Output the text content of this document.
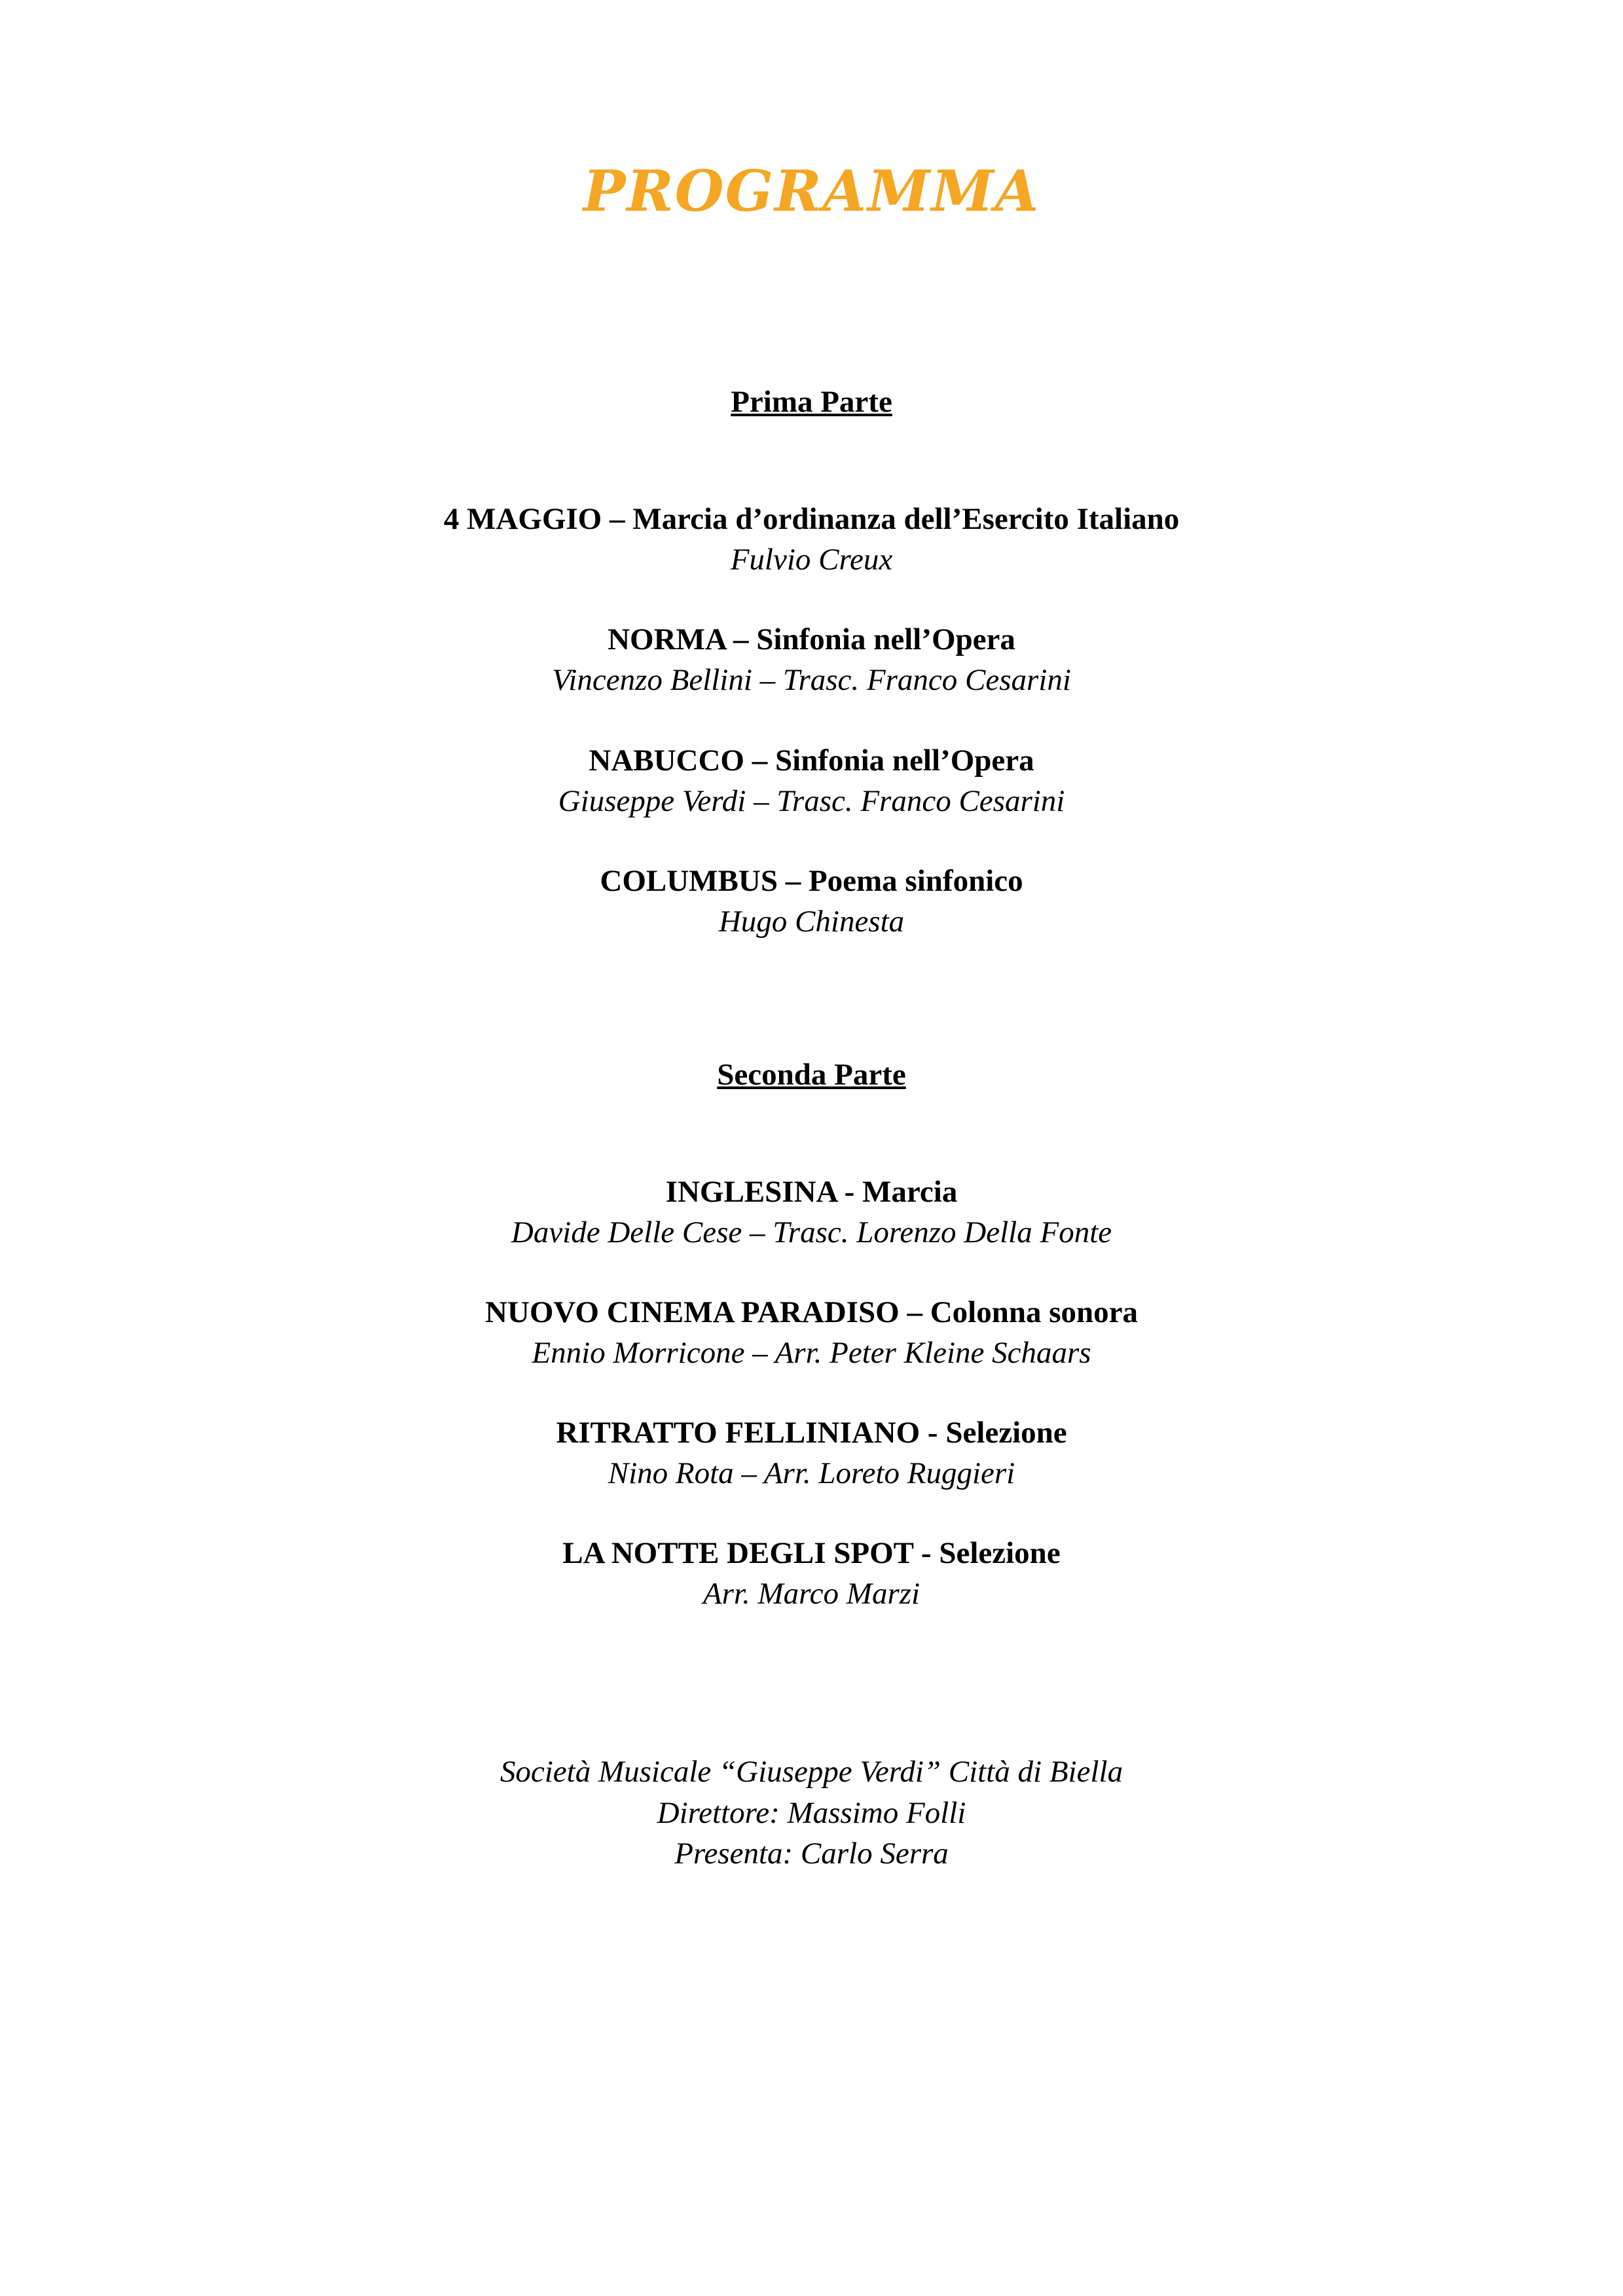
PROGRAMMA
Prima Parte
4 MAGGIO – Marcia d’ordinanza dell’Esercito Italiano
Fulvio Creux
NORMA – Sinfonia nell’Opera
Vincenzo Bellini – Trasc. Franco Cesarini
NABUCCO – Sinfonia nell’Opera
Giuseppe Verdi – Trasc. Franco Cesarini
COLUMBUS – Poema sinfonico
Hugo Chinesta
Seconda Parte
INGLESINA - Marcia
Davide Delle Cese – Trasc. Lorenzo Della Fonte
NUOVO CINEMA PARADISO – Colonna sonora
Ennio Morricone – Arr. Peter Kleine Schaars
RITRATTO FELLINIANO - Selezione
Nino Rota – Arr. Loreto Ruggieri
LA NOTTE DEGLI SPOT - Selezione
Arr. Marco Marzi
Società Musicale “Giuseppe Verdi” Città di Biella
Direttore: Massimo Folli
Presenta: Carlo Serra
